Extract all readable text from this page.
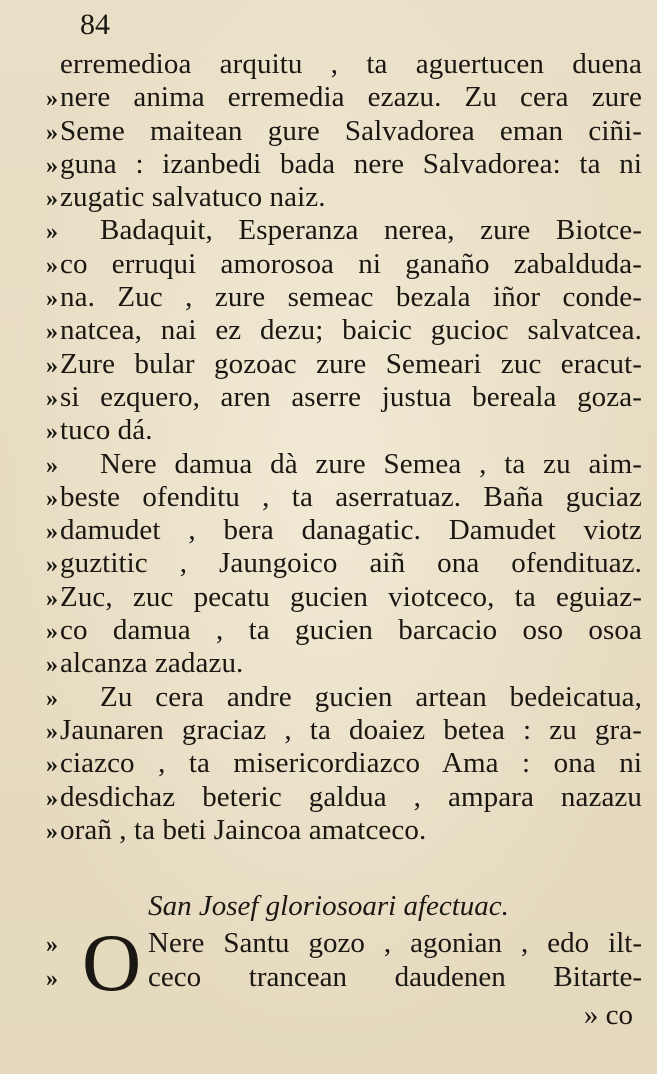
84
erremedioa arquitu , ta aguertucen duena
»nere anima erremedia ezazu. Zu cera zure
»Seme maitean gure Salvadorea eman ciñi-
»guna : izanbedi bada nere Salvadorea: ta ni
»zugatic salvatuco naiz.
» Badaquit, Esperanza nerea, zure Biotce-
»co erruqui amorosoa ni ganaño zabalduda-
»na. Zuc , zure semeac bezala iñor conde-
»natcea, nai ez dezu; baicic gucioc salvatcea.
»Zure bular gozoac zure Semeari zuc eracut-
»si ezquero, aren aserre justua bereala goza-
»tuco dá.
» Nere damua dà zure Semea , ta zu aim-
»beste ofenditu , ta aserratuaz. Baña guciaz
»damudet , bera danagatic. Damudet viotz
»guztitic , Jaungoico aiñ ona ofendituaz.
»Zuc, zuc pecatu gucien viotceco, ta eguiaz-
»co damua , ta gucien barcacio oso osoa
»alcanza zadazu.
» Zu cera andre gucien artean bedeicatua,
»Jaunaren graciaz , ta doaiez betea : zu gra-
»ciazco , ta misericordiazco Ama : ona ni
»desdichaz beteric galdua , ampara nazazu
»orañ , ta beti Jaincoa amatceco.
San Josef gloriosoari afectuac.
O
»	Nere Santu gozo , agonian , edo ilt-
»	ceco trancean daudenen Bitarte-
» co
